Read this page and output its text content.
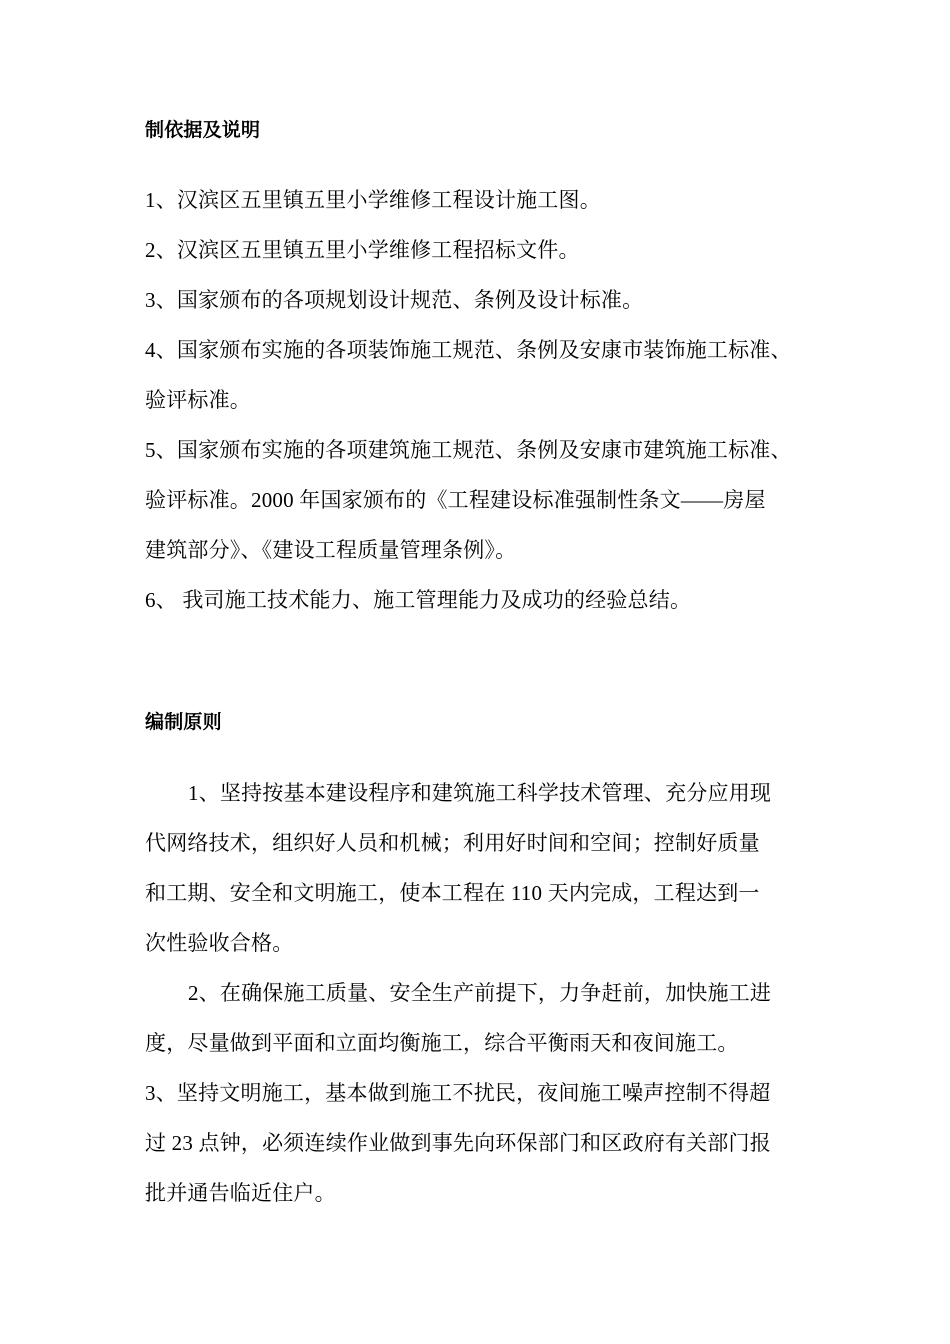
制依据及说明
1、汉滨区五里镇五里小学维修工程设计施工图。
2、汉滨区五里镇五里小学维修工程招标文件。
3、国家颁布的各项规划设计规范、条例及设计标准。
4、国家颁布实施的各项装饰施工规范、条例及安康市装饰施工标准、
验评标准。
5、国家颁布实施的各项建筑施工规范、条例及安康市建筑施工标准、
验评标准。2000 年国家颁布的《工程建设标准强制性条文——房屋
建筑部分》、《建设工程质量管理条例》。
6、 我司施工技术能力、施工管理能力及成功的经验总结。
编制原则
1、坚持按基本建设程序和建筑施工科学技术管理、充分应用现
代网络技术，组织好人员和机械；利用好时间和空间；控制好质量
和工期、安全和文明施工，使本工程在 110 天内完成，工程达到一
次性验收合格。
2、在确保施工质量、安全生产前提下，力争赶前，加快施工进
度，尽量做到平面和立面均衡施工，综合平衡雨天和夜间施工。
3、坚持文明施工，基本做到施工不扰民，夜间施工噪声控制不得超
过 23 点钟，必须连续作业做到事先向环保部门和区政府有关部门报
批并通告临近住户。
